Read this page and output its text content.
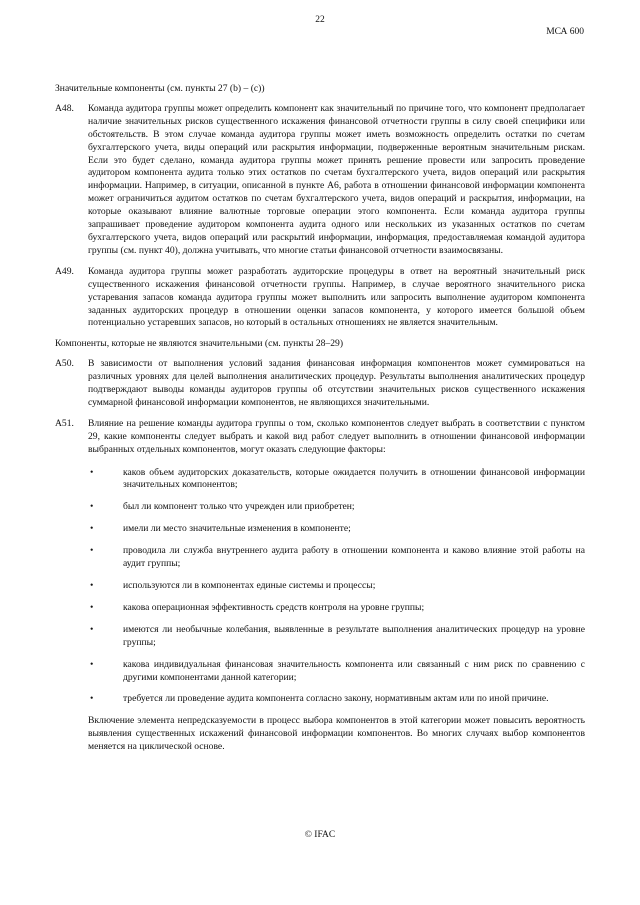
22
МСА 600
Значительные компоненты (см. пункты 27 (b) – (c))
A48.	Команда аудитора группы может определить компонент как значительный по причине того, что компонент предполагает наличие значительных рисков существенного искажения финансовой отчетности группы в силу своей специфики или обстоятельств. В этом случае команда аудитора группы может иметь возможность определить остатки по счетам бухгалтерского учета, виды операций или раскрытия информации, подверженные вероятным значительным рискам. Если это будет сделано, команда аудитора группы может принять решение провести или запросить проведение аудитором компонента аудита только этих остатков по счетам бухгалтерского учета, видов операций или раскрытия информации. Например, в ситуации, описанной в пункте А6, работа в отношении финансовой информации компонента может ограничиться аудитом остатков по счетам бухгалтерского учета, видов операций и раскрытия, информации, на которые оказывают влияние валютные торговые операции этого компонента. Если команда аудитора группы запрашивает проведение аудитором компонента аудита одного или нескольких из указанных остатков по счетам бухгалтерского учета, видов операций или раскрытий информации, информация, предоставляемая командой аудитора группы (см. пункт 40), должна учитывать, что многие статьи финансовой отчетности взаимосвязаны.

A49.	Команда аудитора группы может разработать аудиторские процедуры в ответ на вероятный значительный риск существенного искажения финансовой отчетности группы. Например, в случае вероятного значительного риска устаревания запасов команда аудитора группы может выполнить или запросить выполнение аудитором компонента заданных аудиторских процедур в отношении оценки запасов компонента, у которого имеется большой объем потенциально устаревших запасов, но который в остальных отношениях не является значительным.

Компоненты, которые не являются значительными (см. пункты 28–29)
A50.	В зависимости от выполнения условий задания финансовая информация компонентов может суммироваться на различных уровнях для целей выполнения аналитических процедур. Результаты выполнения аналитических процедур подтверждают выводы команды аудиторов группы об отсутствии значительных рисков существенного искажения суммарной финансовой информации компонентов, не являющихся значительными.

A51.	Влияние на решение команды аудитора группы о том, сколько компонентов следует выбрать в соответствии с пунктом 29, какие компоненты следует выбрать и какой вид работ следует выполнить в отношении финансовой информации выбранных отдельных компонентов, могут оказать следующие факторы:

•	каков объем аудиторских доказательств, которые ожидается получить в отношении финансовой информации значительных компонентов;
•	был ли компонент только что учрежден или приобретен;
•	имели ли место значительные изменения в компоненте;
•	проводила ли служба внутреннего аудита работу в отношении компонента и каково влияние этой работы на аудит группы;
•	используются ли в компонентах единые системы и процессы;
•	какова операционная эффективность средств контроля на уровне группы;
•	имеются ли необычные колебания, выявленные в результате выполнения аналитических процедур на уровне группы;
•	какова индивидуальная финансовая значительность компонента или связанный с ним риск по сравнению с другими компонентами данной категории;
•	требуется ли проведение аудита компонента согласно закону, нормативным актам или по иной причине.

Включение элемента непредсказуемости в процесс выбора компонентов в этой категории может повысить вероятность выявления существенных искажений финансовой информации компонентов. Во многих случаях выбор компонентов меняется на циклической основе.

© IFAC
